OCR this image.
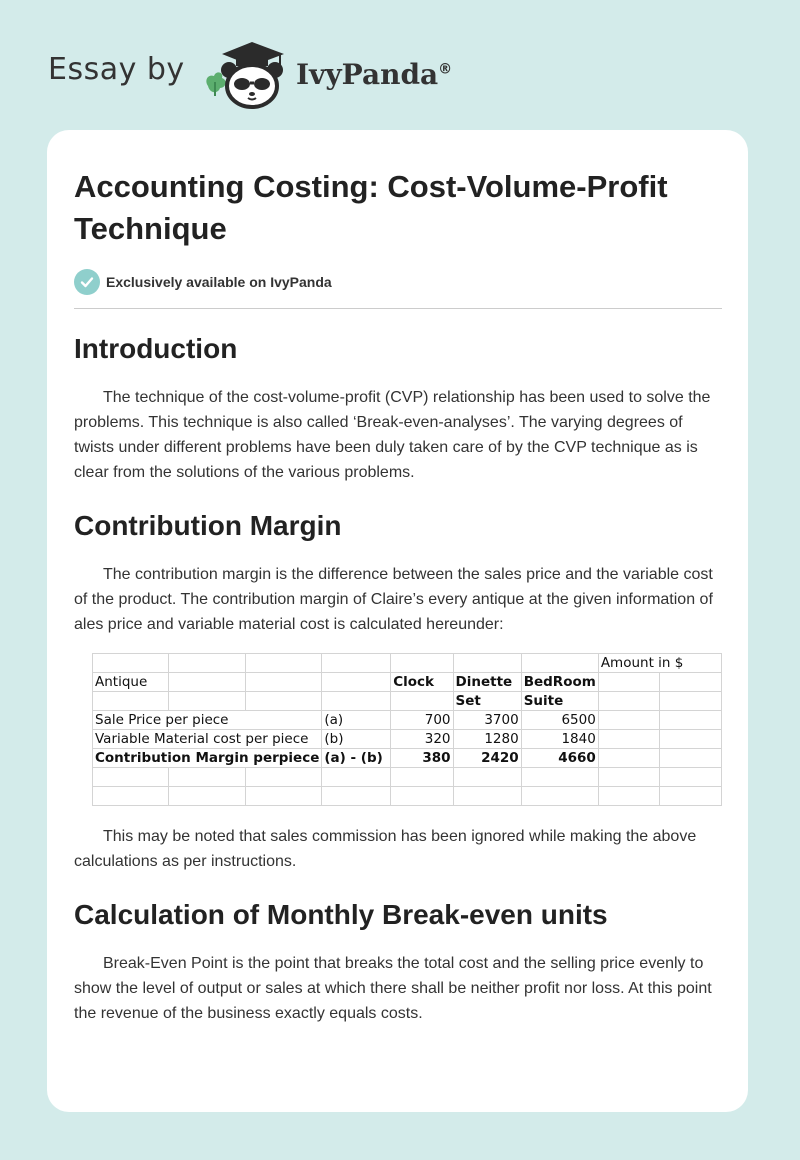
Essay by	IvyPanda®
Accounting Costing: Cost-Volume-Profit Technique
Exclusively available on IvyPanda
Introduction

The technique of the cost-volume-profit (CVP) relationship has been used to solve the problems. This technique is also called ‘Break-even-analyses’. The varying degrees of twists under different problems have been duly taken care of by the CVP technique as is clear from the solutions of the various problems.

Contribution Margin

The contribution margin is the difference between the sales price and the variable cost of the product. The contribution margin of Claire’s every antique at the given information of ales price and variable material cost is calculated hereunder:

							Amount in $	
Antique				Clock	Dinette	BedRoom		
					Set	Suite		
Sale Price per piece			(a)	700	3700	6500		
Variable Material cost per piece			(b)	320	1280	1840		
Contribution Margin perpiece			(a) - (b)	380	2420	4660		

This may be noted that sales commission has been ignored while making the above calculations as per instructions.

Calculation of Monthly Break-even units

Break-Even Point is the point that breaks the total cost and the selling price evenly to show the level of output or sales at which there shall be neither profit nor loss. At this point the revenue of the business exactly equals costs.
